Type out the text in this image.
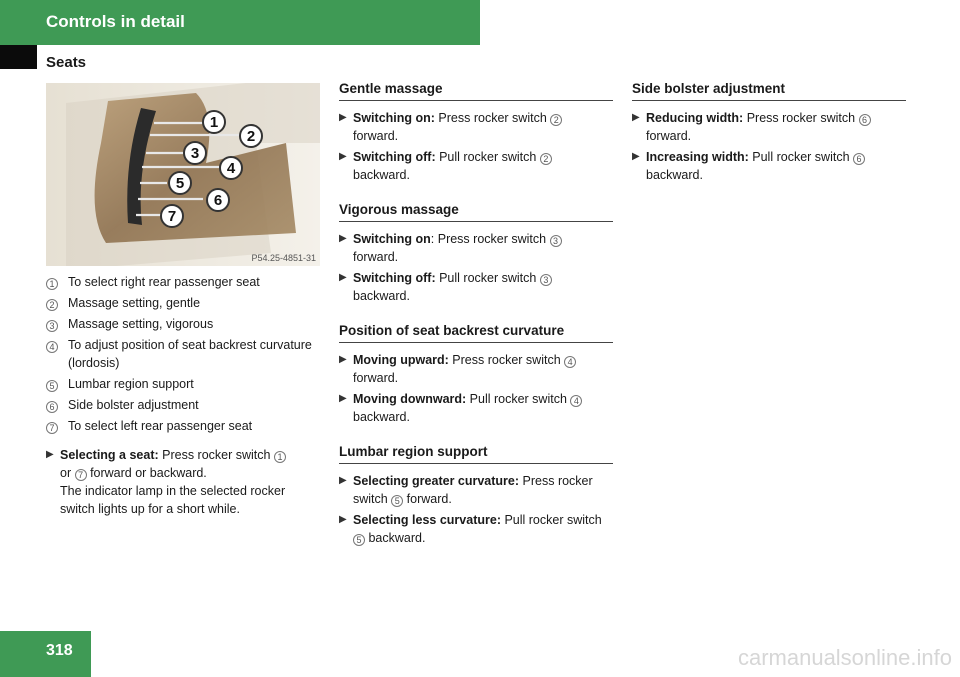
Controls in detail
Seats
1
2
3
4
5
6
7
P54.25-4851-31
1	To select right rear passenger seat
2	Massage setting, gentle
3	Massage setting, vigorous
4	To adjust position of seat backrest curvature (lordosis)
5	Lumbar region support
6	Side bolster adjustment
7	To select left rear passenger seat
▶ Selecting a seat: Press rocker switch 1
or 7 forward or backward.
The indicator lamp in the selected rocker switch lights up for a short while.
Gentle massage
▶ Switching on: Press rocker switch 2
forward.
▶ Switching off: Pull rocker switch 2
backward.
Vigorous massage
▶ Switching on: Press rocker switch 3
forward.
▶ Switching off: Pull rocker switch 3
backward.
Position of seat backrest curvature
▶ Moving upward: Press rocker switch 4
forward.
▶ Moving downward: Pull rocker switch 4
backward.
Lumbar region support
▶ Selecting greater curvature: Press rocker switch 5 forward.
▶ Selecting less curvature: Pull rocker switch 5 backward.
Side bolster adjustment
▶ Reducing width: Press rocker switch 6
forward.
▶ Increasing width: Pull rocker switch 6
backward.
318	carmanualsonline.info
